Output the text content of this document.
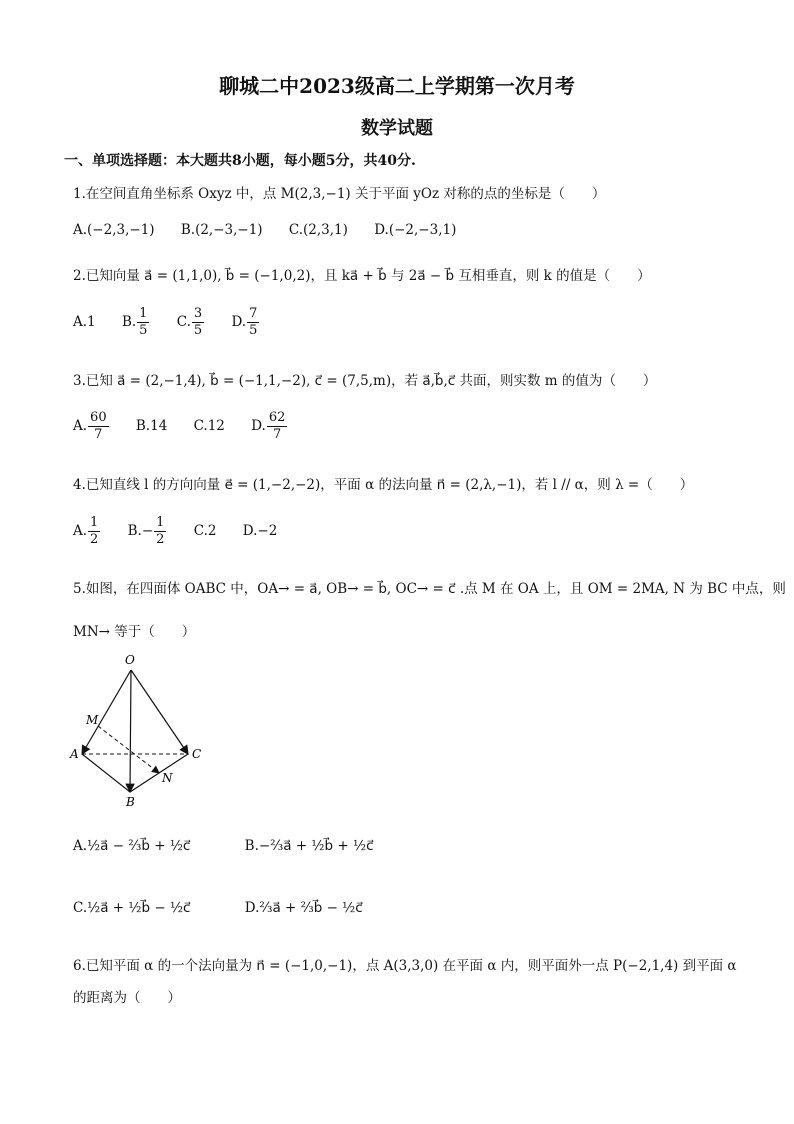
聊城二中2023级高二上学期第一次月考
数学试题
一、单项选择题：本大题共8小题，每小题5分，共40分.
1.在空间直角坐标系 Oxyz 中，点 M(2,3,−1) 关于平面 yOz 对称的点的坐标是（　　）
A.(−2,3,−1) B.(2,−3,−1) C.(2,3,1) D.(−2,−3,1)
2.已知向量 a⃗ = (1,1,0), b⃗ = (−1,0,2)，且 ka⃗ + b⃗ 与 2a⃗ − b⃗ 互相垂直，则 k 的值是（　　）
A.1 B. $\frac{1}{5} C$. $\frac{3}{5} D$. $\frac{7}{5}$
3.已知 a⃗ = (2,−1,4), b⃗ = (−1,1,−2), c⃗ = (7,5,m)，若 a⃗,b⃗,c⃗ 共面，则实数 m 的值为（　　）
A. $\frac{60}{7} B.14$ C.12 D. $\frac{62}{7}$
4.已知直线 l 的方向向量 e⃗ = (1,−2,−2)，平面 α 的法向量 n⃗ = (2,λ,−1)，若 l // α，则 λ =（　　）
A. $\frac{1}{2} B.- \frac{1}{2} C.2$ D.−2
5.如图，在四面体 OABC 中，OA→ = a⃗, OB→ = b⃗, OC→ = c⃗ .点 M 在 OA 上，且 OM = 2MA, N 为 BC 中点，则
MN→ 等于（　　）
O
A
B
C
M
N
A.½a⃗ − ⅔b⃗ + ½c⃗	B.−⅔a⃗ + ½b⃗ + ½c⃗
C.½a⃗ + ½b⃗ − ½c⃗	D.⅔a⃗ + ⅔b⃗ − ½c⃗
6.已知平面 α 的一个法向量为 n⃗ = (−1,0,−1)，点 A(3,3,0) 在平面 α 内，则平面外一点 P(−2,1,4) 到平面 α
的距离为（　　）
